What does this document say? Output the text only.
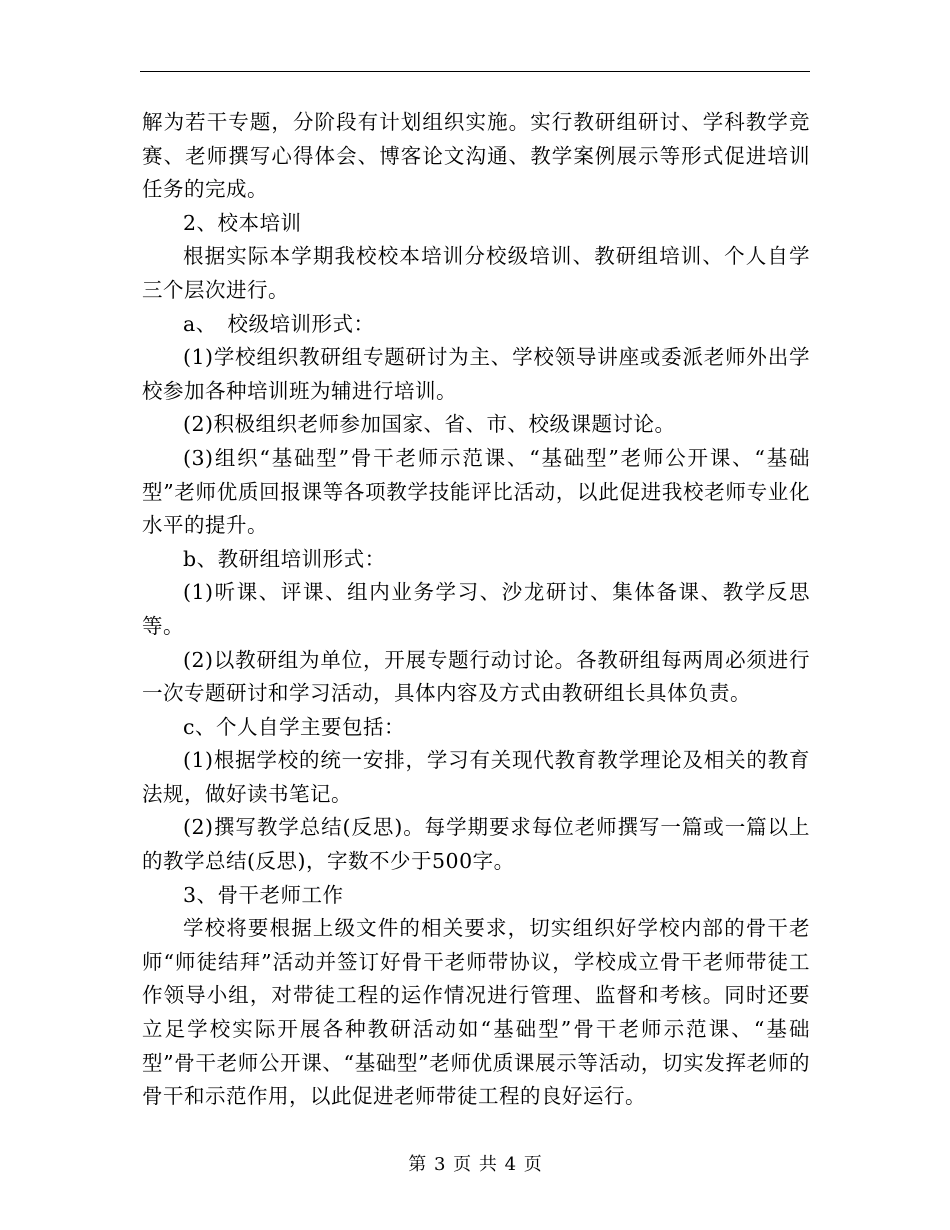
解为若干专题，分阶段有计划组织实施。实行教研组研讨、学科教学竞赛、老师撰写心得体会、博客论文沟通、教学案例展示等形式促进培训任务的完成。

2、校本培训

根据实际本学期我校校本培训分校级培训、教研组培训、个人自学三个层次进行。

a、　校级培训形式：

(1)学校组织教研组专题研讨为主、学校领导讲座或委派老师外出学校参加各种培训班为辅进行培训。

(2)积极组织老师参加国家、省、市、校级课题讨论。

(3)组织“基础型”骨干老师示范课、“基础型”老师公开课、“基础型”老师优质回报课等各项教学技能评比活动，以此促进我校老师专业化水平的提升。

b、教研组培训形式：

(1)听课、评课、组内业务学习、沙龙研讨、集体备课、教学反思等。

(2)以教研组为单位，开展专题行动讨论。各教研组每两周必须进行一次专题研讨和学习活动，具体内容及方式由教研组长具体负责。

c、个人自学主要包括：

(1)根据学校的统一安排，学习有关现代教育教学理论及相关的教育法规，做好读书笔记。

(2)撰写教学总结(反思)。每学期要求每位老师撰写一篇或一篇以上的教学总结(反思)，字数不少于500字。

3、骨干老师工作

学校将要根据上级文件的相关要求，切实组织好学校内部的骨干老师“师徒结拜”活动并签订好骨干老师带协议，学校成立骨干老师带徒工作领导小组，对带徒工程的运作情况进行管理、监督和考核。同时还要立足学校实际开展各种教研活动如“基础型”骨干老师示范课、“基础型”骨干老师公开课、“基础型”老师优质课展示等活动，切实发挥老师的骨干和示范作用，以此促进老师带徒工程的良好运行。

第 3 页 共 4 页
